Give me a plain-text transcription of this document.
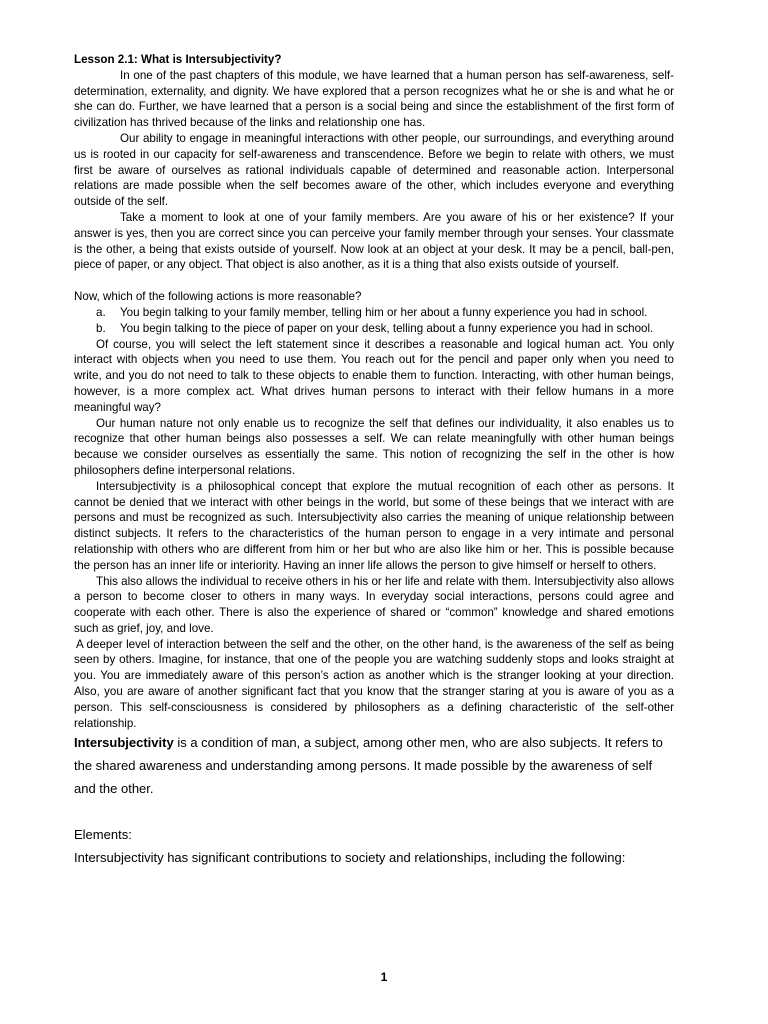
Lesson 2.1: What is Intersubjectivity?

In one of the past chapters of this module, we have learned that a human person has self-awareness, self-determination, externality, and dignity. We have explored that a person recognizes what he or she is and what he or she can do. Further, we have learned that a person is a social being and since the establishment of the first form of civilization has thrived because of the links and relationship one has.

Our ability to engage in meaningful interactions with other people, our surroundings, and everything around us is rooted in our capacity for self-awareness and transcendence. Before we begin to relate with others, we must first be aware of ourselves as rational individuals capable of determined and reasonable action. Interpersonal relations are made possible when the self becomes aware of the other, which includes everyone and everything outside of the self.

Take a moment to look at one of your family members. Are you aware of his or her existence? If your answer is yes, then you are correct since you can perceive your family member through your senses. Your classmate is the other, a being that exists outside of yourself. Now look at an object at your desk. It may be a pencil, ball-pen, piece of paper, or any object. That object is also another, as it is a thing that also exists outside of yourself.

Now, which of the following actions is more reasonable?

a. You begin talking to your family member, telling him or her about a funny experience you had in school.
b. You begin talking to the piece of paper on your desk, telling about a funny experience you had in school.

Of course, you will select the left statement since it describes a reasonable and logical human act. You only interact with objects when you need to use them. You reach out for the pencil and paper only when you need to write, and you do not need to talk to these objects to enable them to function. Interacting, with other human beings, however, is a more complex act. What drives human persons to interact with their fellow humans in a more meaningful way?

Our human nature not only enable us to recognize the self that defines our individuality, it also enables us to recognize that other human beings also possesses a self. We can relate meaningfully with other human beings because we consider ourselves as essentially the same. This notion of recognizing the self in the other is how philosophers define interpersonal relations.

Intersubjectivity is a philosophical concept that explore the mutual recognition of each other as persons. It cannot be denied that we interact with other beings in the world, but some of these beings that we interact with are persons and must be recognized as such. Intersubjectivity also carries the meaning of unique relationship between distinct subjects. It refers to the characteristics of the human person to engage in a very intimate and personal relationship with others who are different from him or her but who are also like him or her. This is possible because the person has an inner life or interiority. Having an inner life allows the person to give himself or herself to others.

This also allows the individual to receive others in his or her life and relate with them. Intersubjectivity also allows a person to become closer to others in many ways. In everyday social interactions, persons could agree and cooperate with each other. There is also the experience of shared or “common” knowledge and shared emotions such as grief, joy, and love.

A deeper level of interaction between the self and the other, on the other hand, is the awareness of the self as being seen by others. Imagine, for instance, that one of the people you are watching suddenly stops and looks straight at you. You are immediately aware of this person’s action as another which is the stranger looking at your direction. Also, you are aware of another significant fact that you know that the stranger staring at you is aware of you as a person. This self-consciousness is considered by philosophers as a defining characteristic of the self-other relationship.

Intersubjectivity is a condition of man, a subject, among other men, who are also subjects. It refers to the shared awareness and understanding among persons. It made possible by the awareness of self and the other.

Elements:

Intersubjectivity has significant contributions to society and relationships, including the following:

1
